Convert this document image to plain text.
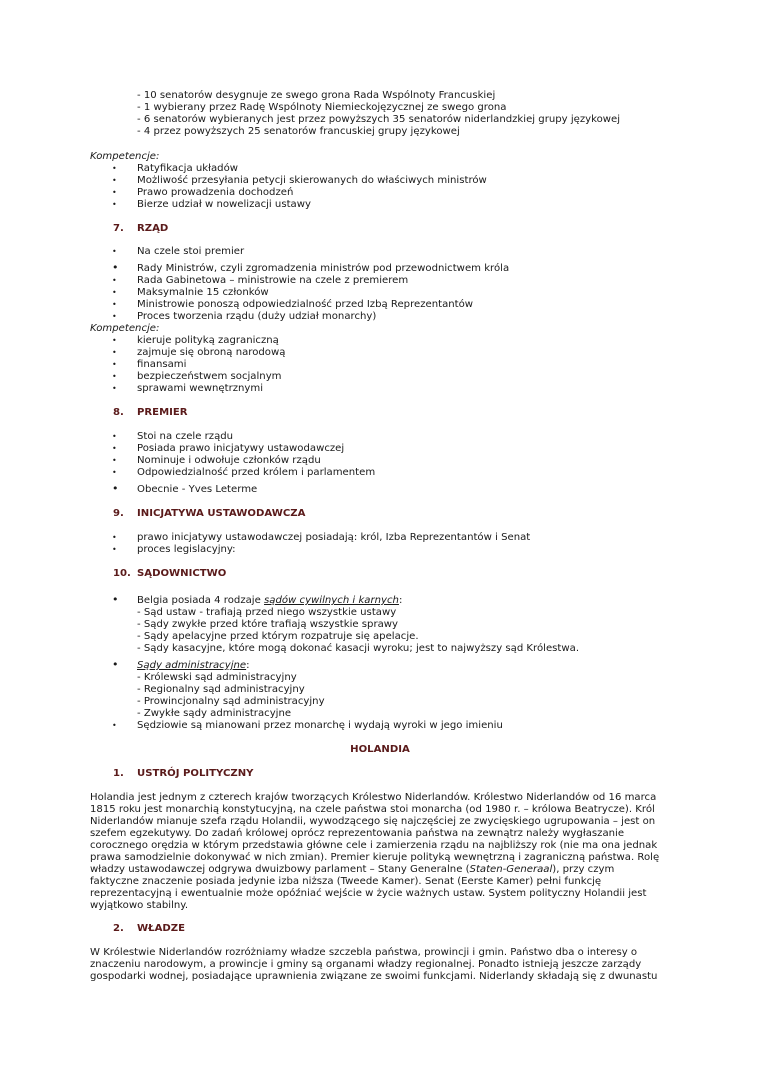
- 10 senatorów desygnuje ze swego grona Rada Wspólnoty Francuskiej
- 1 wybierany przez Radę Wspólnoty Niemieckojęzycznej ze swego grona
- 6 senatorów wybieranych jest przez powyższych 35 senatorów niderlandzkiej grupy językowej
- 4 przez powyższych 25 senatorów francuskiej grupy językowej
Kompetencje:
• Ratyfikacja układów
• Możliwość przesyłania petycji skierowanych do właściwych ministrów
• Prawo prowadzenia dochodzeń
• Bierze udział w nowelizacji ustawy
7. RZĄD
• Na czele stoi premier
• Rady Ministrów, czyli zgromadzenia ministrów pod przewodnictwem króla
• Rada Gabinetowa – ministrowie na czele z premierem
• Maksymalnie 15 członków
• Ministrowie ponoszą odpowiedzialność przed Izbą Reprezentantów
• Proces tworzenia rządu (duży udział monarchy)
Kompetencje:
• kieruje polityką zagraniczną
• zajmuje się obroną narodową
• finansami
• bezpieczeństwem socjalnym
• sprawami wewnętrznymi
8. PREMIER
• Stoi na czele rządu
• Posiada prawo inicjatywy ustawodawczej
• Nominuje i odwołuje członków rządu
• Odpowiedzialność przed królem i parlamentem
• Obecnie - Yves Leterme
9. INICJATYWA USTAWODAWCZA
• prawo inicjatywy ustawodawczej posiadają: król, Izba Reprezentantów i Senat
• proces legislacyjny:
10. SĄDOWNICTWO
• Belgia posiada 4 rodzaje sądów cywilnych i karnych:
- Sąd ustaw - trafiają przed niego wszystkie ustawy
- Sądy zwykłe przed które trafiają wszystkie sprawy
- Sądy apelacyjne przed którym rozpatruje się apelacje.
- Sądy kasacyjne, które mogą dokonać kasacji wyroku; jest to najwyższy sąd Królestwa.
• Sądy administracyjne:
- Królewski sąd administracyjny
- Regionalny sąd administracyjny
- Prowincjonalny sąd administracyjny
- Zwykłe sądy administracyjne
• Sędziowie są mianowani przez monarchę i wydają wyroki w jego imieniu
HOLANDIA
1. USTRÓJ POLITYCZNY
Holandia jest jednym z czterech krajów tworzących Królestwo Niderlandów. Królestwo Niderlandów od 16 marca
1815 roku jest monarchią konstytucyjną, na czele państwa stoi monarcha (od 1980 r. – królowa Beatrycze). Król
Niderlandów mianuje szefa rządu Holandii, wywodzącego się najczęściej ze zwycięskiego ugrupowania – jest on
szefem egzekutywy. Do zadań królowej oprócz reprezentowania państwa na zewnątrz należy wygłaszanie
corocznego orędzia w którym przedstawia główne cele i zamierzenia rządu na najbliższy rok (nie ma ona jednak
prawa samodzielnie dokonywać w nich zmian). Premier kieruje polityką wewnętrzną i zagraniczną państwa. Rolę
władzy ustawodawczej odgrywa dwuizbowy parlament – Stany Generalne (Staten-Generaal), przy czym
faktyczne znaczenie posiada jedynie izba niższa (Tweede Kamer). Senat (Eerste Kamer) pełni funkcję
reprezentacyjną i ewentualnie może opóźniać wejście w życie ważnych ustaw. System polityczny Holandii jest
wyjątkowo stabilny.
2. WŁADZE
W Królestwie Niderlandów rozróżniamy władze szczebla państwa, prowincji i gmin. Państwo dba o interesy o
znaczeniu narodowym, a prowincje i gminy są organami władzy regionalnej. Ponadto istnieją jeszcze zarządy
gospodarki wodnej, posiadające uprawnienia związane ze swoimi funkcjami. Niderlandy składają się z dwunastu
